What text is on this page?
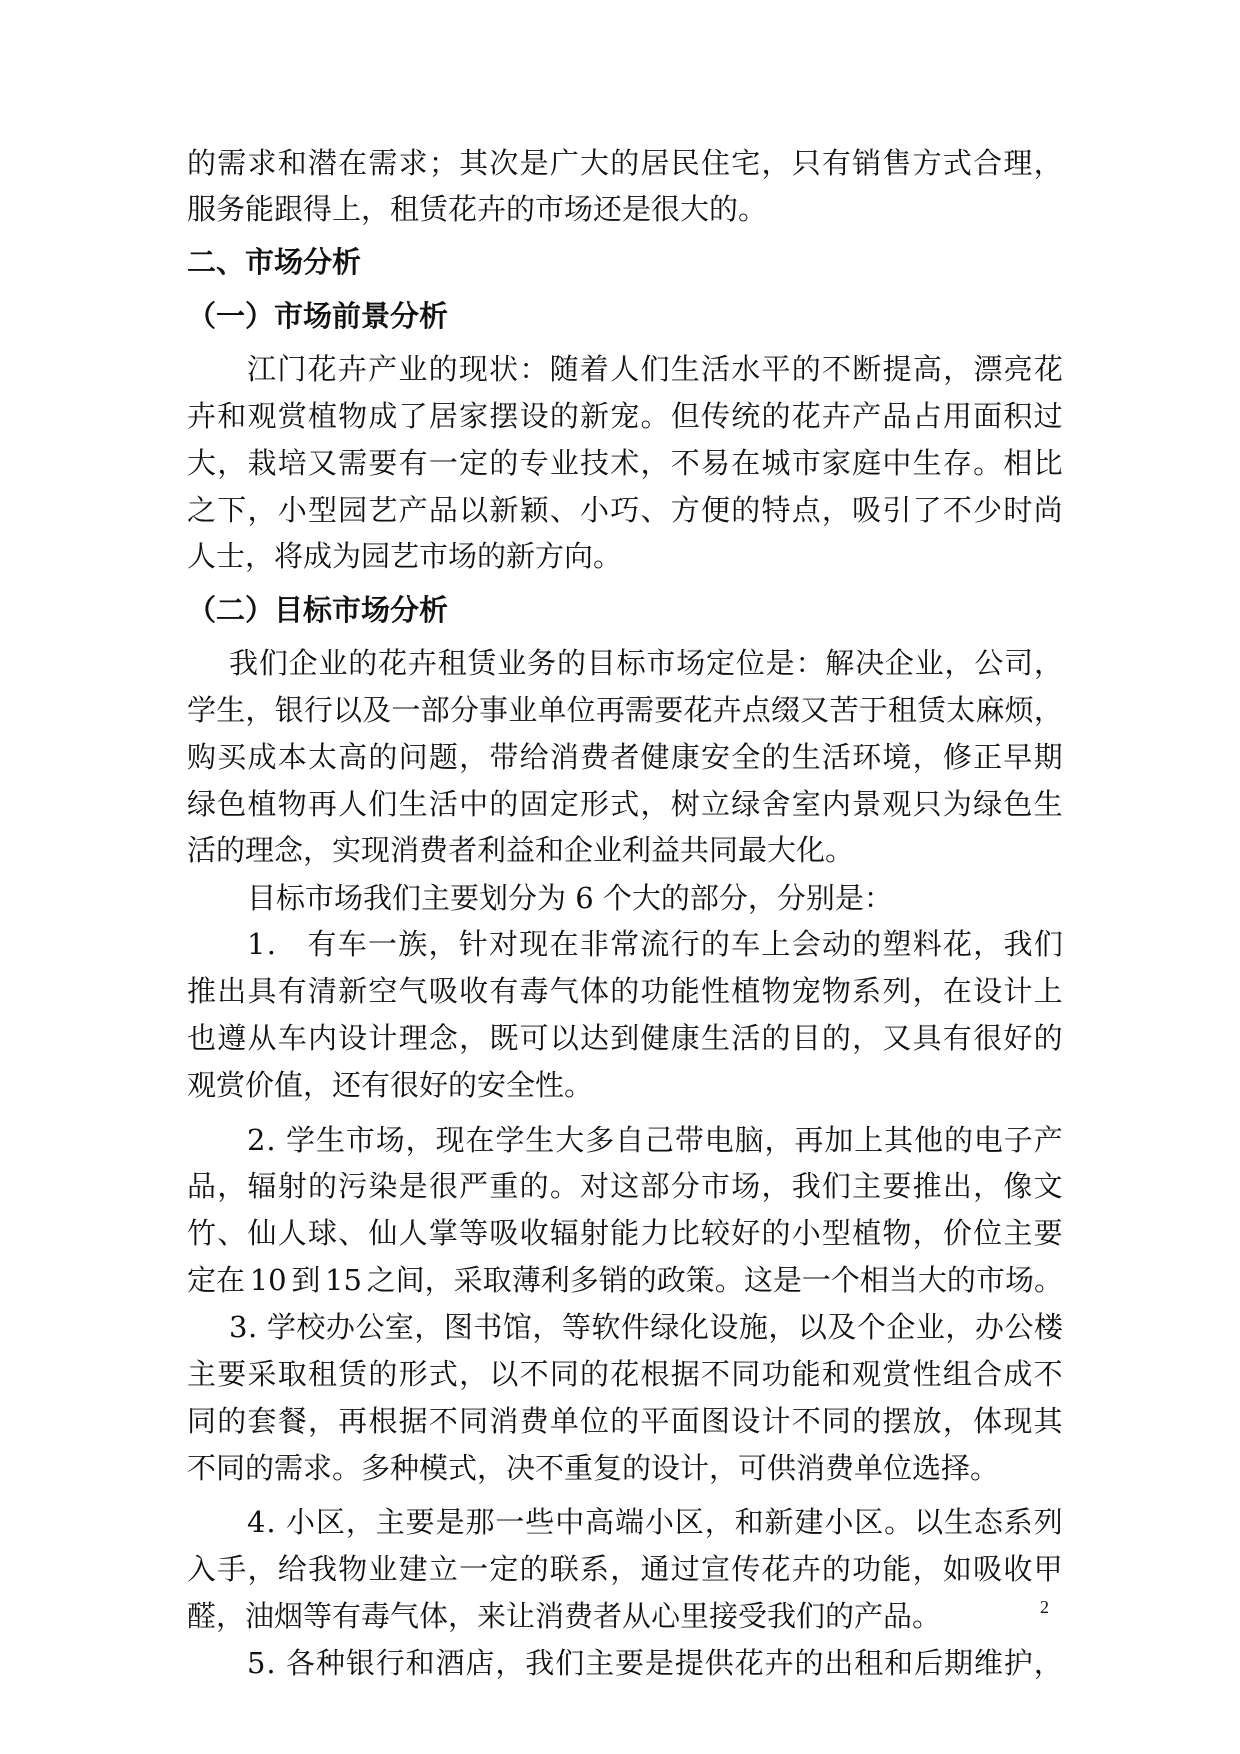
的 需 求 和 潜 在 需 求 ； 其 次 是 广 大 的 居 民 住 宅 ， 只 有 销 售 方 式 合 理 ，
服务能跟得上，租赁花卉的市场还是很大的。
二、市场分析
（一）市场前景分析
江 门 花 卉 产 业 的 现 状 ： 随 着 人 们 生 活 水 平 的 不 断 提 高 ， 漂 亮 花
卉 和 观 赏 植 物 成 了 居 家 摆 设 的 新 宠 。 但 传 统 的 花 卉 产 品 占 用 面 积 过
大 ， 栽 培 又 需 要 有 一 定 的 专 业 技 术 ， 不 易 在 城 市 家 庭 中 生 存 。 相 比
之 下 ， 小 型 园 艺 产 品 以 新 颖 、 小 巧 、 方 便 的 特 点 ， 吸 引 了 不 少 时 尚
人士，将成为园艺市场的新方向。
（二）目标市场分析
我 们 企 业 的 花 卉 租 赁 业 务 的 目 标 市 场 定 位 是 ： 解 决 企 业 ， 公 司 ，
学 生 ， 银 行 以 及 一 部 分 事 业 单 位 再 需 要 花 卉 点 缀 又 苦 于 租 赁 太 麻 烦 ，
购 买 成 本 太 高 的 问 题 ， 带 给 消 费 者 健 康 安 全 的 生 活 环 境 ， 修 正 早 期
绿 色 植 物 再 人 们 生 活 中 的 固 定 形 式 ， 树 立 绿 舍 室 内 景 观 只 为 绿 色 生
活的理念，实现消费者利益和企业利益共同最大化。
目标市场我们主要划分为 6 个大的部分，分别是：
1 .
　 有 车 一 族 ， 针 对 现 在 非 常 流 行 的 车 上 会 动 的 塑 料 花 ， 我 们
推 出 具 有 清 新 空 气 吸 收 有 毒 气 体 的 功 能 性 植 物 宠 物 系 列 ， 在 设 计 上
也 遵 从 车 内 设 计 理 念 ， 既 可 以 达 到 健 康 生 活 的 目 的 ， 又 具 有 很 好 的
观赏价值，还有很好的安全性。
2 . 学 生 市 场 ， 现 在 学 生 大 多 自 己 带 电 脑 ， 再 加 上 其 他 的 电 子 产
品 ， 辐 射 的 污 染 是 很 严 重 的 。 对 这 部 分 市 场 ， 我 们 主 要 推 出 ， 像 文
竹 、 仙 人 球 、 仙 人 掌 等 吸 收 辐 射 能 力 比 较 好 的 小 型 植 物 ， 价 位 主 要
定 在 1 0 到 1 5 之 间 ， 采 取 薄 利 多 销 的 政 策 。 这 是 一 个 相 当 大 的 市 场 。
3 . 学 校 办 公 室 ， 图 书 馆 ， 等 软 件 绿 化 设 施 ， 以 及 个 企 业 ， 办 公 楼
主 要 采 取 租 赁 的 形 式 ， 以 不 同 的 花 根 据 不 同 功 能 和 观 赏 性 组 合 成 不
同 的 套 餐 ， 再 根 据 不 同 消 费 单 位 的 平 面 图 设 计 不 同 的 摆 放 ， 体 现 其
不同的需求。多种模式，决不重复的设计，可供消费单位选择。
4 . 小 区 ， 主 要 是 那 一 些 中 高 端 小 区 ， 和 新 建 小 区 。 以 生 态 系 列
入 手 ， 给 我 物 业 建 立 一 定 的 联 系 ， 通 过 宣 传 花 卉 的 功 能 ， 如 吸 收 甲
醛，油烟等有毒气体，来让消费者从心里接受我们的产品。
5 . 各 种 银 行 和 酒 店 ， 我 们 主 要 是 提 供 花 卉 的 出 租 和 后 期 维 护 ，
2
